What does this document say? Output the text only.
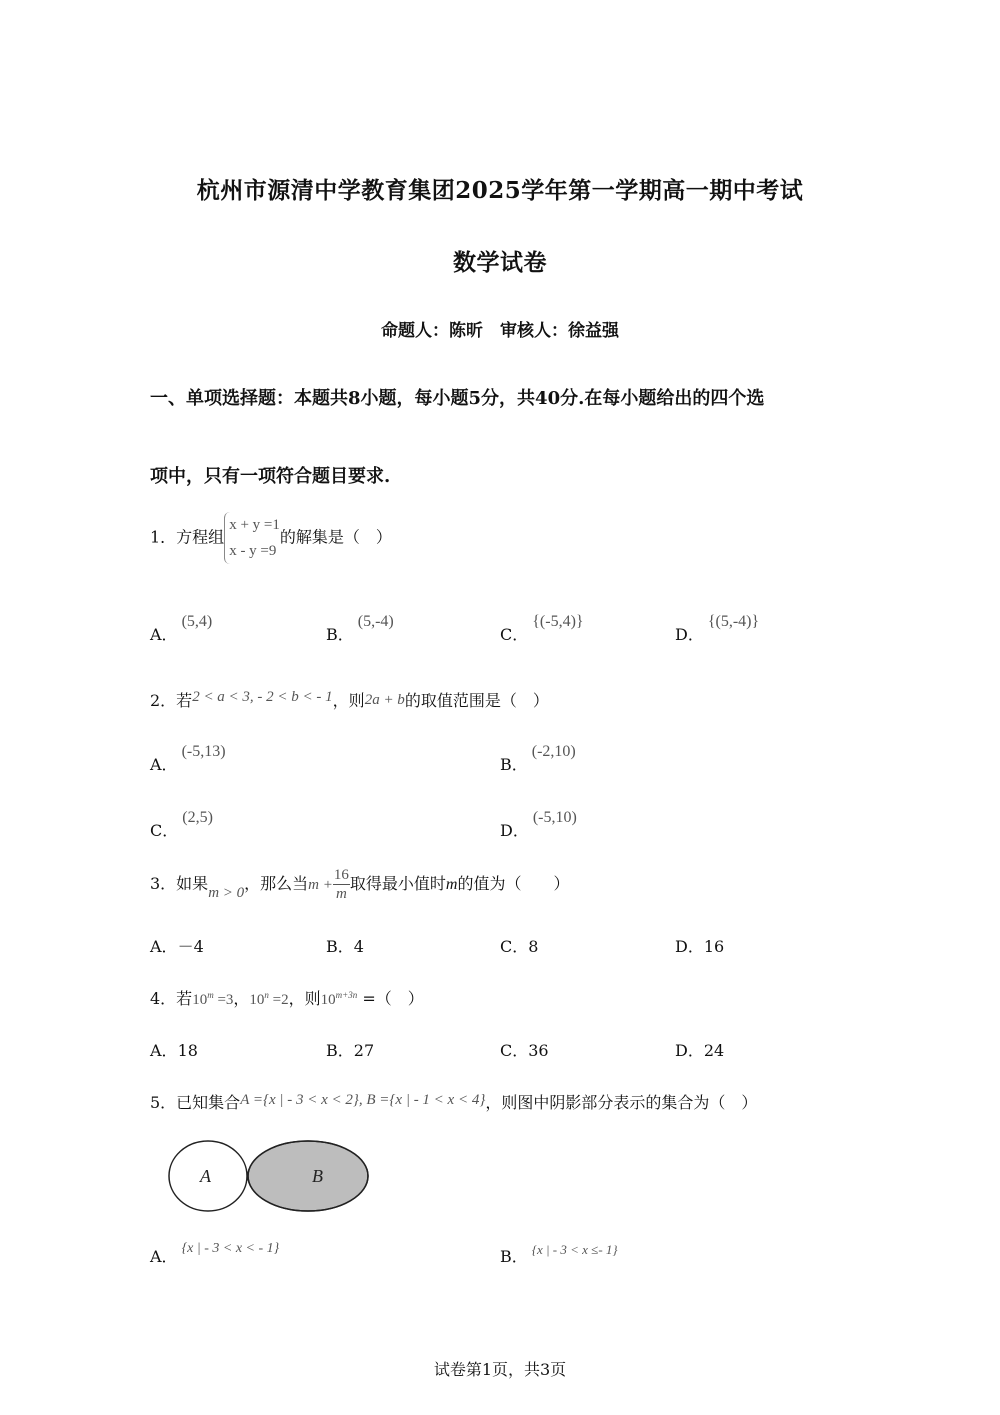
杭州市源清中学教育集团2025学年第一学期高一期中考试
数学试卷
命题人：陈昕　审核人：徐益强
一、单项选择题：本题共8小题，每小题5分，共40分.在每小题给出的四个选
项中，只有一项符合题目要求.
1．方程组
x + y =1
x - y =9
的解集是（　）
A．(5,4)
B．(5,-4)
C．{(-5,4)}
D．{(5,-4)}
2．若2 < a < 3, - 2 < b < - 1，则2a + b的取值范围是（　）
A．(-5,13)
B．(-2,10)
C．(2,5)
D．(-5,10)
3．如果m > 0，那么当$m + \frac{16}{m}$ 取得最小值时m的值为（　　）
A．－4	B．4	C．8	D．16
4．若$10^m =3$，$10^n =2$，则$10^{m+3n}$ =（　）
A．18	B．27	C．36	D．24
5．已知集合A ={x | - 3 < x < 2}, B ={x | - 1 < x < 4}，则图中阴影部分表示的集合为（　）
A	B
A． {x | - 3 < x < - 1}	B． $^{\{x | - 3 < x \le- 1\}}$
试卷第1页，共3页
